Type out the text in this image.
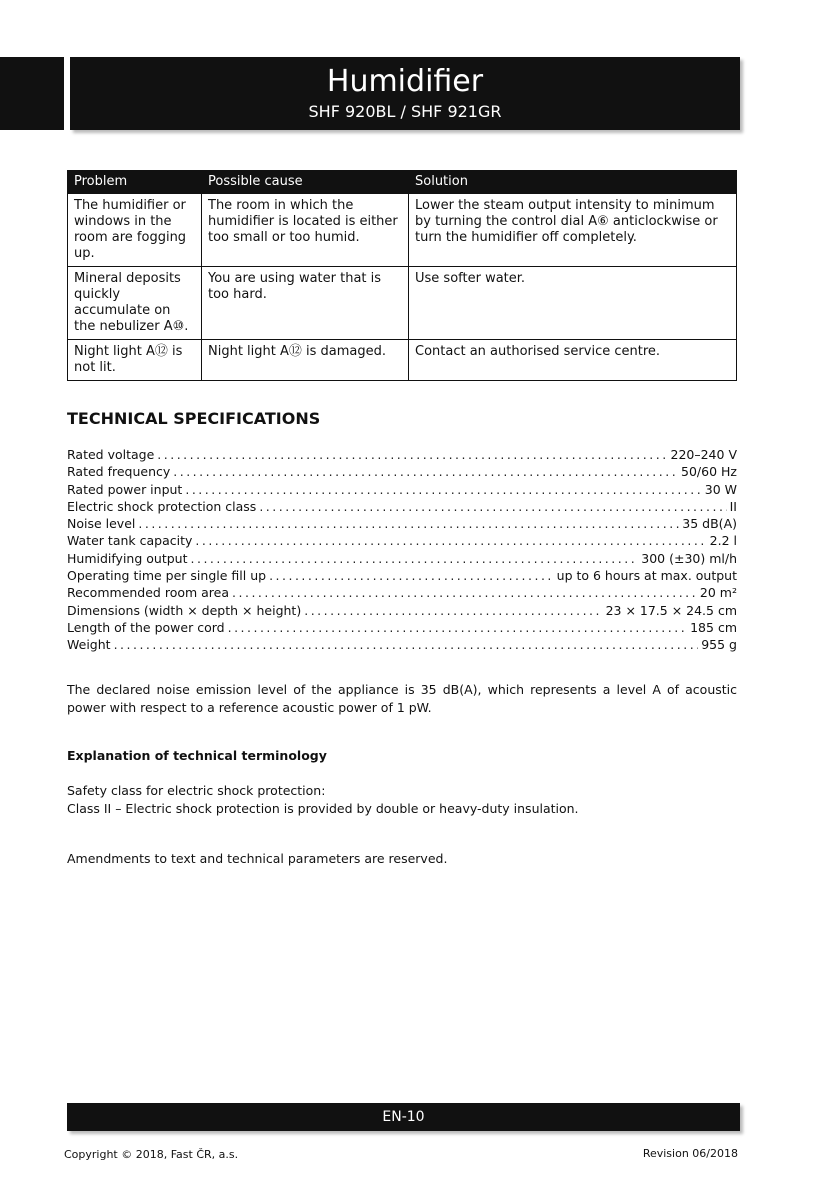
EN
Humidifier
SHF 920BL / SHF 921GR
Problem	Possible cause	Solution
The humidifier or windows in the room are fogging up.	The room in which the humidifier is located is either too small or too humid.	Lower the steam output intensity to minimum by turning the control dial A⑥ anticlockwise or turn the humidifier off completely.
Mineral deposits quickly accumulate on the nebulizer A⑩.	You are using water that is too hard.	Use softer water.
Night light A⑫ is not lit.	Night light A⑫ is damaged.	Contact an authorised service centre.
TECHNICAL SPECIFICATIONS
Rated voltage .....	220–240 V
Rated frequency .....	50/60 Hz
Rated power input .....	30 W
Electric shock protection class .....	II
Noise level .....	35 dB(A)
Water tank capacity .....	2.2 l
Humidifying output .....	300 (±30) ml/h
Operating time per single fill up .....	up to 6 hours at max. output
Recommended room area .....	20 m²
Dimensions (width × depth × height) .....	23 × 17.5 × 24.5 cm
Length of the power cord .....	185 cm
Weight .....	955 g

The declared noise emission level of the appliance is 35 dB(A), which represents a level A of acoustic power with respect to a reference acoustic power of 1 pW.

Explanation of technical terminology
Safety class for electric shock protection:
Class II – Electric shock protection is provided by double or heavy-duty insulation.

Amendments to text and technical parameters are reserved.

EN-10
Copyright © 2018, Fast ČR, a.s.	Revision 06/2018
